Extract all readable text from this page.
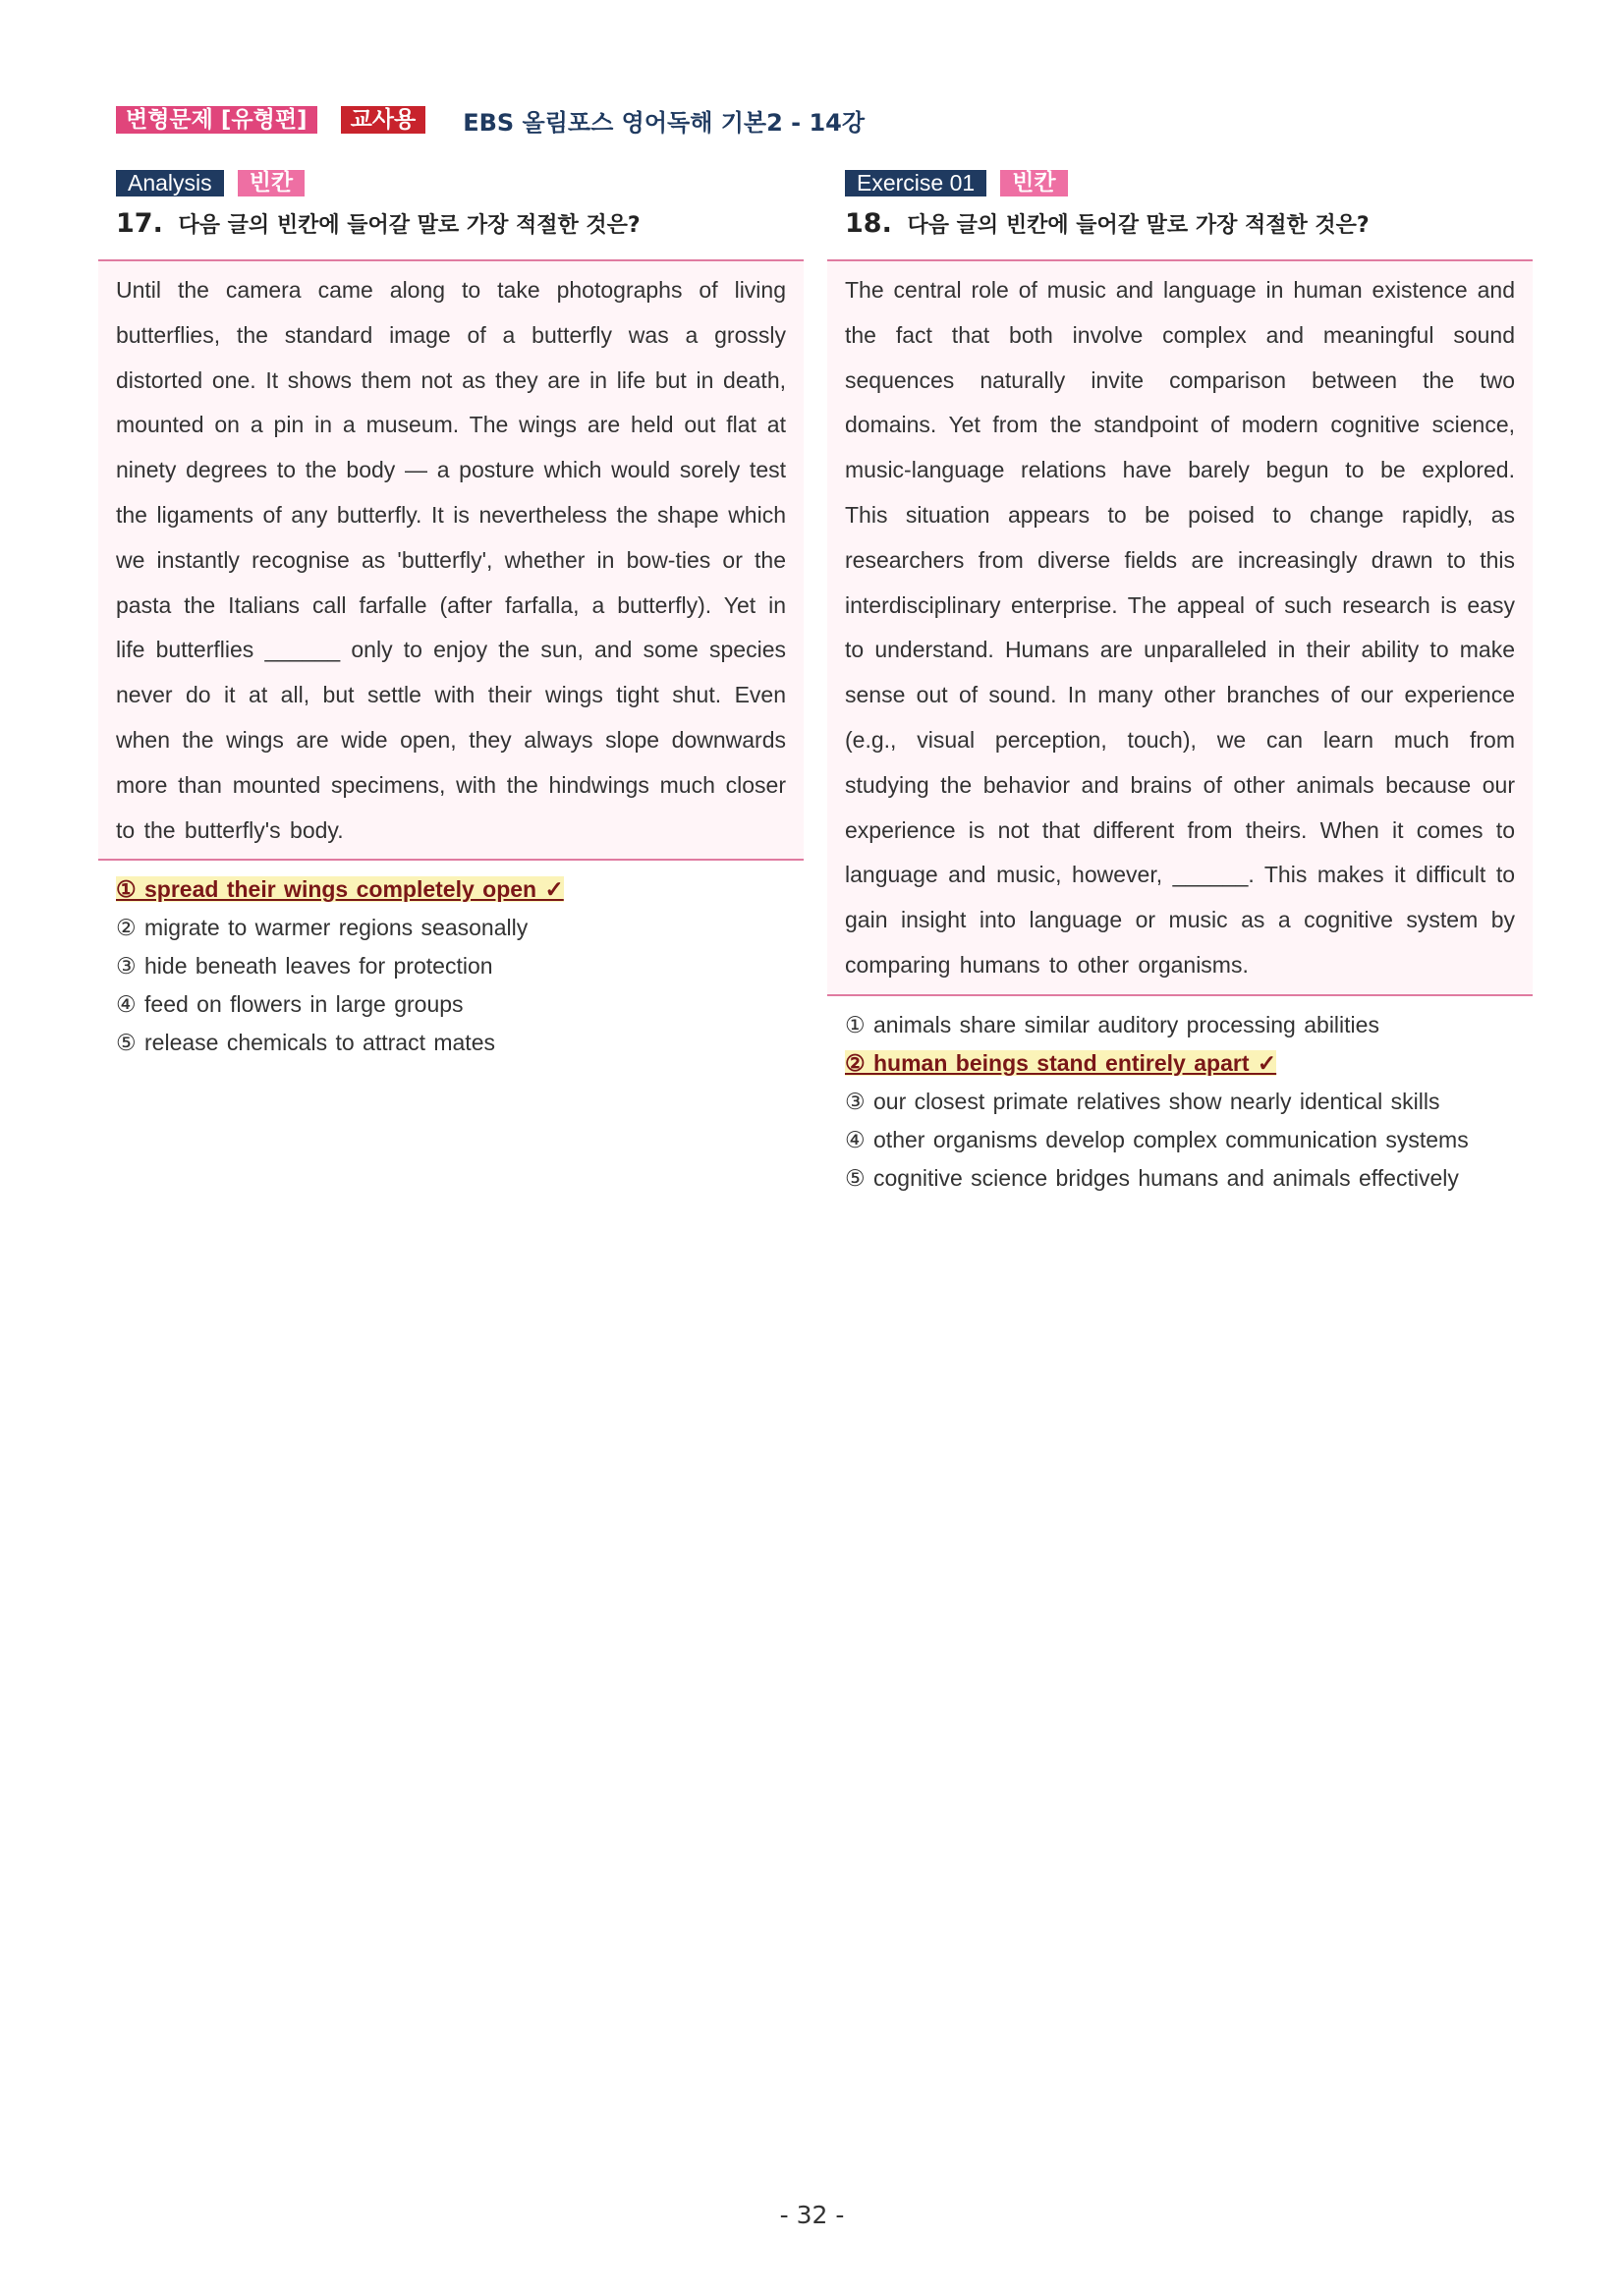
변형문제 [유형편]	교사용	EBS 올림포스 영어독해 기본2 - 14강
Analysis	빈칸
17. 다음 글의 빈칸에 들어갈 말로 가장 적절한 것은?

Until the camera came along to take photographs of living butterflies, the standard image of a butterfly was a grossly distorted one. It shows them not as they are in life but in death, mounted on a pin in a museum. The wings are held out flat at ninety degrees to the body — a posture which would sorely test the ligaments of any butterfly. It is nevertheless the shape which we instantly recognise as 'butterfly', whether in bow-ties or the pasta the Italians call farfalle (after farfalla, a butterfly). Yet in life butterflies ______ only to enjoy the sun, and some species never do it at all, but settle with their wings tight shut. Even when the wings are wide open, they always slope downwards more than mounted specimens, with the hindwings much closer to the butterfly's body.

① spread their wings completely open ✓
② migrate to warmer regions seasonally
③ hide beneath leaves for protection
④ feed on flowers in large groups
⑤ release chemicals to attract mates
Exercise 01	빈칸
18. 다음 글의 빈칸에 들어갈 말로 가장 적절한 것은?

The central role of music and language in human existence and the fact that both involve complex and meaningful sound sequences naturally invite comparison between the two domains. Yet from the standpoint of modern cognitive science, music-language relations have barely begun to be explored. This situation appears to be poised to change rapidly, as researchers from diverse fields are increasingly drawn to this interdisciplinary enterprise. The appeal of such research is easy to understand. Humans are unparalleled in their ability to make sense out of sound. In many other branches of our experience (e.g., visual perception, touch), we can learn much from studying the behavior and brains of other animals because our experience is not that different from theirs. When it comes to language and music, however, ______. This makes it difficult to gain insight into language or music as a cognitive system by comparing humans to other organisms.

① animals share similar auditory processing abilities
② human beings stand entirely apart ✓
③ our closest primate relatives show nearly identical skills
④ other organisms develop complex communication systems
⑤ cognitive science bridges humans and animals effectively
- 32 -
